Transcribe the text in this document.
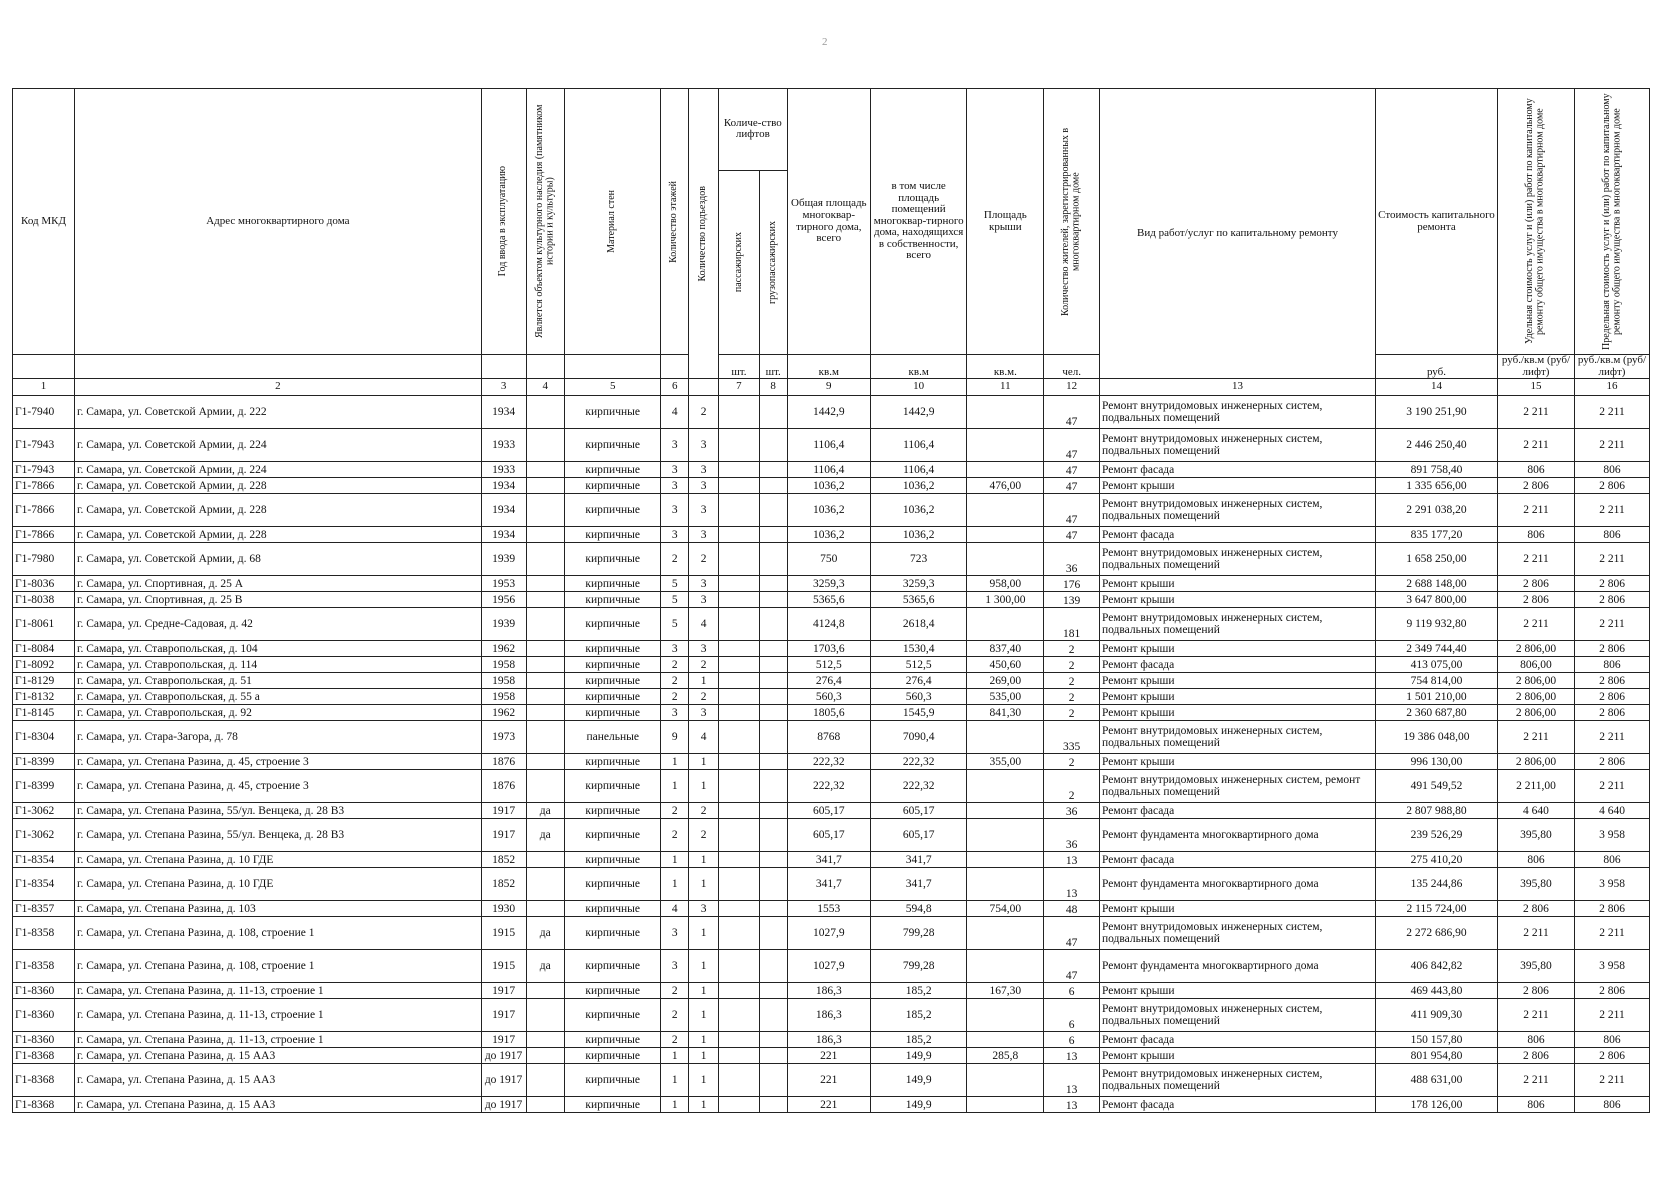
2
Код МКД	Адрес многоквартирного дома	Год ввода в эксплуатацию	Является объектом культурного наследия (памятником истории и культуры)	Материал стен	Количество этажей	Количество подъездов	Количе-ство лифтов		Общая площадь многоквар-тирного дома, всего	в том числе площадь помещений многоквар-тирного дома, находящихся в собственности, всего	Площадь крыши	Количество жителей, зарегистрированных в многоквартирном доме	Вид работ/услуг по капитальному ремонту	Стоимость капитального ремонта	Удельная стоимость услуг и (или) работ по капитальному ремонту общего имущества в многоквартирном доме	Предельная стоимость услуг и (или) работ по капитальному ремонту общего имущества в многоквартирном доме

							пассажирских	грузопассажирских								

							шт.	шт.	кв.м	кв.м	кв.м.	чел.		руб.	руб./кв.м (руб/лифт)	руб./кв.м (руб/лифт)
1	2	3	4	5	6		7	8	9	10	11	12	13	14	15	16
Г1-7940	г. Самара, ул. Советской Армии, д. 222	1934		кирпичные	4	2			1442,9	1442,9		47	Ремонт внутридомовых инженерных систем, подвальных помещений	3 190 251,90	2 211	2 211
Г1-7943	г. Самара, ул. Советской Армии, д. 224	1933		кирпичные	3	3			1106,4	1106,4		47	Ремонт внутридомовых инженерных систем, подвальных помещений	2 446 250,40	2 211	2 211
Г1-7943	г. Самара, ул. Советской Армии, д. 224	1933		кирпичные	3	3			1106,4	1106,4		47	Ремонт фасада	891 758,40	806	806
Г1-7866	г. Самара, ул. Советской Армии, д. 228	1934		кирпичные	3	3			1036,2	1036,2	476,00	47	Ремонт крыши	1 335 656,00	2 806	2 806
Г1-7866	г. Самара, ул. Советской Армии, д. 228	1934		кирпичные	3	3			1036,2	1036,2		47	Ремонт внутридомовых инженерных систем, подвальных помещений	2 291 038,20	2 211	2 211
Г1-7866	г. Самара, ул. Советской Армии, д. 228	1934		кирпичные	3	3			1036,2	1036,2		47	Ремонт фасада	835 177,20	806	806
Г1-7980	г. Самара, ул. Советской Армии, д. 68	1939		кирпичные	2	2			750	723		36	Ремонт внутридомовых инженерных систем, подвальных помещений	1 658 250,00	2 211	2 211
Г1-8036	г. Самара, ул. Спортивная, д. 25 А	1953		кирпичные	5	3			3259,3	3259,3	958,00	176	Ремонт крыши	2 688 148,00	2 806	2 806
Г1-8038	г. Самара, ул. Спортивная, д. 25 В	1956		кирпичные	5	3			5365,6	5365,6	1 300,00	139	Ремонт крыши	3 647 800,00	2 806	2 806
Г1-8061	г. Самара, ул. Средне-Садовая, д. 42	1939		кирпичные	5	4			4124,8	2618,4		181	Ремонт внутридомовых инженерных систем, подвальных помещений	9 119 932,80	2 211	2 211
Г1-8084	г. Самара, ул. Ставропольская, д. 104	1962		кирпичные	3	3			1703,6	1530,4	837,40	2	Ремонт крыши	2 349 744,40	2 806,00	2 806
Г1-8092	г. Самара, ул. Ставропольская, д. 114	1958		кирпичные	2	2			512,5	512,5	450,60	2	Ремонт фасада	413 075,00	806,00	806
Г1-8129	г. Самара, ул. Ставропольская, д. 51	1958		кирпичные	2	1			276,4	276,4	269,00	2	Ремонт крыши	754 814,00	2 806,00	2 806
Г1-8132	г. Самара, ул. Ставропольская, д. 55 а	1958		кирпичные	2	2			560,3	560,3	535,00	2	Ремонт крыши	1 501 210,00	2 806,00	2 806
Г1-8145	г. Самара, ул. Ставропольская, д. 92	1962		кирпичные	3	3			1805,6	1545,9	841,30	2	Ремонт крыши	2 360 687,80	2 806,00	2 806
Г1-8304	г. Самара, ул. Стара-Загора, д. 78	1973		панельные	9	4			8768	7090,4		335	Ремонт внутридомовых инженерных систем, подвальных помещений	19 386 048,00	2 211	2 211
Г1-8399	г. Самара, ул. Степана Разина, д. 45, строение 3	1876		кирпичные	1	1			222,32	222,32	355,00	2	Ремонт крыши	996 130,00	2 806,00	2 806
Г1-8399	г. Самара, ул. Степана Разина, д. 45, строение 3	1876		кирпичные	1	1			222,32	222,32		2	Ремонт внутридомовых инженерных систем, ремонт подвальных помещений	491 549,52	2 211,00	2 211
Г1-3062	г. Самара, ул. Степана Разина, 55/ул. Венцека, д. 28 В3	1917	да	кирпичные	2	2			605,17	605,17		36	Ремонт фасада	2 807 988,80	4 640	4 640
Г1-3062	г. Самара, ул. Степана Разина, 55/ул. Венцека, д. 28 В3	1917	да	кирпичные	2	2			605,17	605,17		36	Ремонт фундамента многоквартирного дома	239 526,29	395,80	3 958
Г1-8354	г. Самара, ул. Степана Разина, д. 10 ГДЕ	1852		кирпичные	1	1			341,7	341,7		13	Ремонт фасада	275 410,20	806	806
Г1-8354	г. Самара, ул. Степана Разина, д. 10 ГДЕ	1852		кирпичные	1	1			341,7	341,7		13	Ремонт фундамента многоквартирного дома	135 244,86	395,80	3 958
Г1-8357	г. Самара, ул. Степана Разина, д. 103	1930		кирпичные	4	3			1553	594,8	754,00	48	Ремонт крыши	2 115 724,00	2 806	2 806
Г1-8358	г. Самара, ул. Степана Разина, д. 108, строение 1	1915	да	кирпичные	3	1			1027,9	799,28		47	Ремонт внутридомовых инженерных систем, подвальных помещений	2 272 686,90	2 211	2 211
Г1-8358	г. Самара, ул. Степана Разина, д. 108, строение 1	1915	да	кирпичные	3	1			1027,9	799,28		47	Ремонт фундамента многоквартирного дома	406 842,82	395,80	3 958
Г1-8360	г. Самара, ул. Степана Разина, д. 11-13, строение 1	1917		кирпичные	2	1			186,3	185,2	167,30	6	Ремонт крыши	469 443,80	2 806	2 806
Г1-8360	г. Самара, ул. Степана Разина, д. 11-13, строение 1	1917		кирпичные	2	1			186,3	185,2		6	Ремонт внутридомовых инженерных систем, подвальных помещений	411 909,30	2 211	2 211
Г1-8360	г. Самара, ул. Степана Разина, д. 11-13, строение 1	1917		кирпичные	2	1			186,3	185,2		6	Ремонт фасада	150 157,80	806	806
Г1-8368	г. Самара, ул. Степана Разина, д. 15 АА3	до 1917		кирпичные	1	1			221	149,9	285,8	13	Ремонт крыши	801 954,80	2 806	2 806
Г1-8368	г. Самара, ул. Степана Разина, д. 15 АА3	до 1917		кирпичные	1	1			221	149,9		13	Ремонт внутридомовых инженерных систем, подвальных помещений	488 631,00	2 211	2 211
Г1-8368	г. Самара, ул. Степана Разина, д. 15 АА3	до 1917		кирпичные	1	1			221	149,9		13	Ремонт фасада	178 126,00	806	806
